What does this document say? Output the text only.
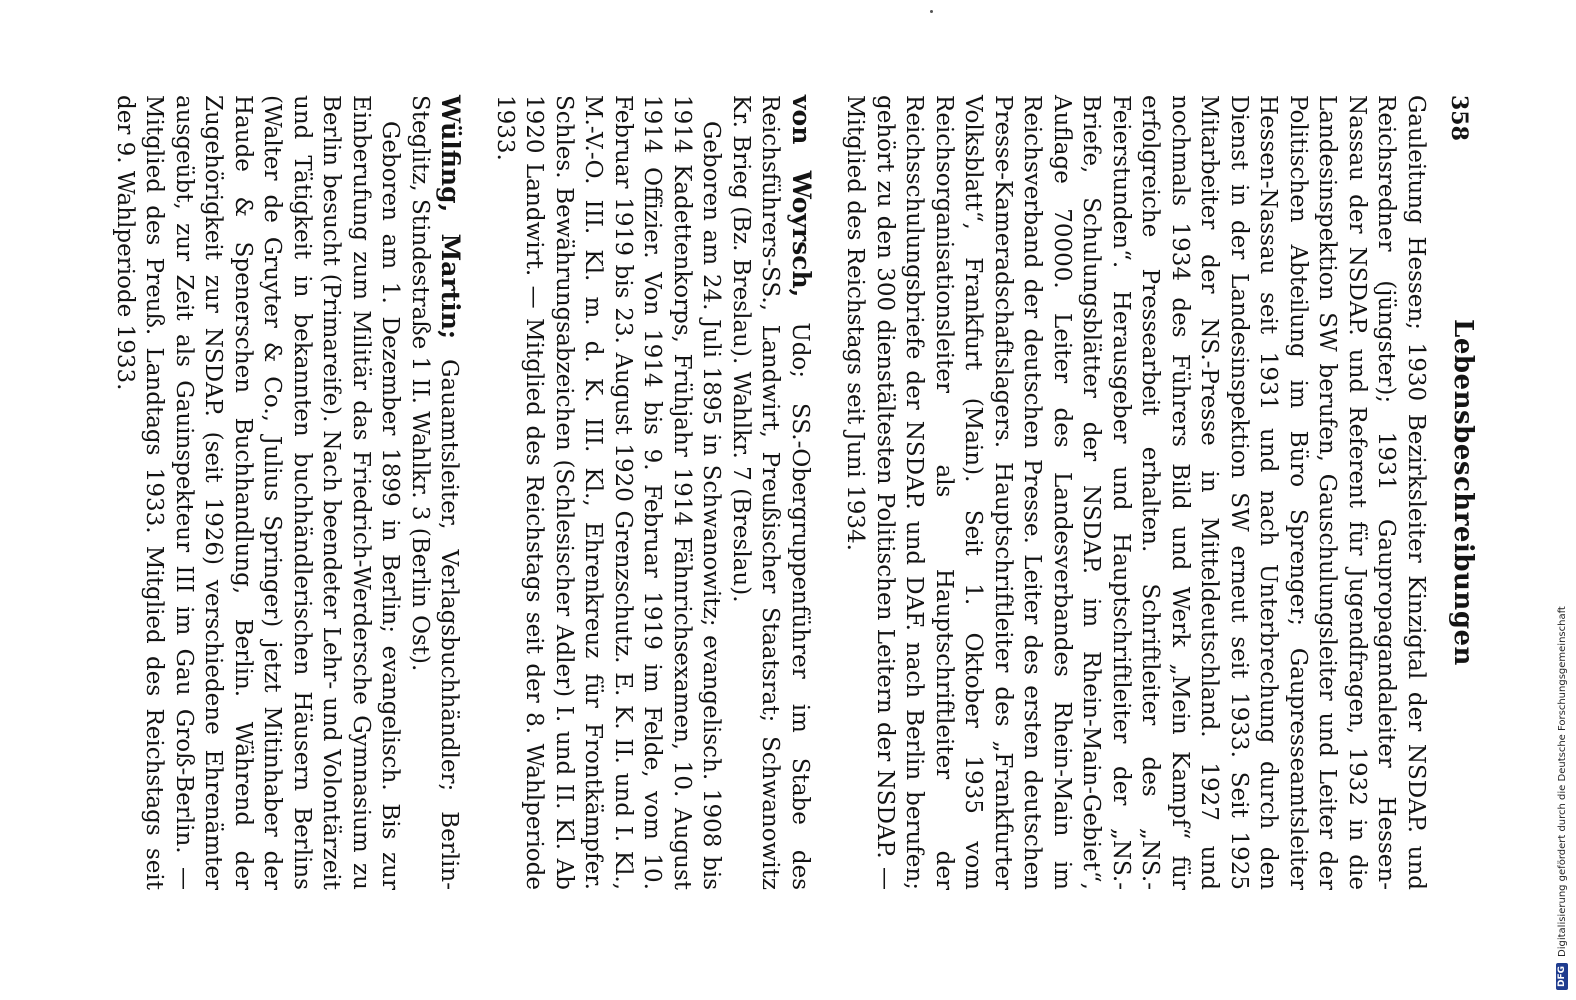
358
Lebensbeschreibungen

Gauleitung Hessen; 1930 Bezirksleiter Kinzigtal der NSDAP. und Reichsredner (jüngster); 1931 Gaupropagandaleiter Hessen-Nassau der NSDAP. und Referent für Jugendfragen, 1932 in die Landesinspektion SW berufen, Gauschulungsleiter und Leiter der Politischen Abteilung im Büro Sprenger; Gaupresseamtsleiter Hessen-Nassau seit 1931 und nach Unterbrechung durch den Dienst in der Landesinspektion SW erneut seit 1933. Seit 1925 Mitarbeiter der NS.-Presse in Mitteldeutschland. 1927 und nochmals 1934 des Führers Bild und Werk „Mein Kampf“ für erfolgreiche Pressearbeit erhalten. Schriftleiter des „NS.-Feierstunden“. Herausgeber und Hauptschriftleiter der „NS.-Briefe, Schulungsblätter der NSDAP. im Rhein-Main-Gebiet“, Auflage 70000. Leiter des Landesverbandes Rhein-Main im Reichsverband der deutschen Presse. Leiter des ersten deutschen Presse-Kameradschaftslagers. Hauptschriftleiter des „Frankfurter Volksblatt“, Frankfurt (Main). Seit 1. Oktober 1935 vom Reichsorganisationsleiter als Hauptschriftleiter der Reichsschulungsbriefe der NSDAP. und DAF. nach Berlin berufen; gehört zu den 300 dienstältesten Politischen Leitern der NSDAP. — Mitglied des Reichstags seit Juni 1934.

von Woyrsch, Udo; SS.-Obergruppenführer im Stabe des Reichsführers-SS., Landwirt, Preußischer Staatsrat; Schwanowitz Kr. Brieg (Bz. Breslau). Wahlkr. 7 (Breslau).

Geboren am 24. Juli 1895 in Schwanowitz; evangelisch. 1908 bis 1914 Kadettenkorps, Frühjahr 1914 Fähnrichsexamen, 10. August 1914 Offizier. Von 1914 bis 9. Februar 1919 im Felde, vom 10. Februar 1919 bis 23. August 1920 Grenzschutz. E. K. II. und I. Kl., M.-V.-O. III. Kl. m. d. K. III. Kl., Ehrenkreuz für Frontkämpfer. Schles. Bewährungsabzeichen (Schlesischer Adler) I. und II. Kl. Ab 1920 Landwirt. — Mitglied des Reichstags seit der 8. Wahlperiode 1933.

Wülfing, Martin; Gauamtsleiter, Verlagsbuchhändler; Berlin-Steglitz, Stindestraße 1 II. Wahlkr. 3 (Berlin Ost).

Geboren am 1. Dezember 1899 in Berlin; evangelisch. Bis zur Einberufung zum Militär das Friedrich-Werdersche Gymnasium zu Berlin besucht (Primareife). Nach beendeter Lehr- und Volontärzeit und Tätigkeit in bekannten buchhändlerischen Häusern Berlins (Walter de Gruyter & Co., Julius Springer) jetzt Mitinhaber der Haude & Spenerschen Buchhandlung, Berlin. Während der Zugehörigkeit zur NSDAP. (seit 1926) verschiedene Ehrenämter ausgeübt, zur Zeit als Gauinspekteur III im Gau Groß-Berlin. — Mitglied des Preuß. Landtags 1933. Mitglied des Reichstags seit der 9. Wahlperiode 1933.

DFG
Digitalisierung gefördert durch die Deutsche Forschungsgemeinschaft
